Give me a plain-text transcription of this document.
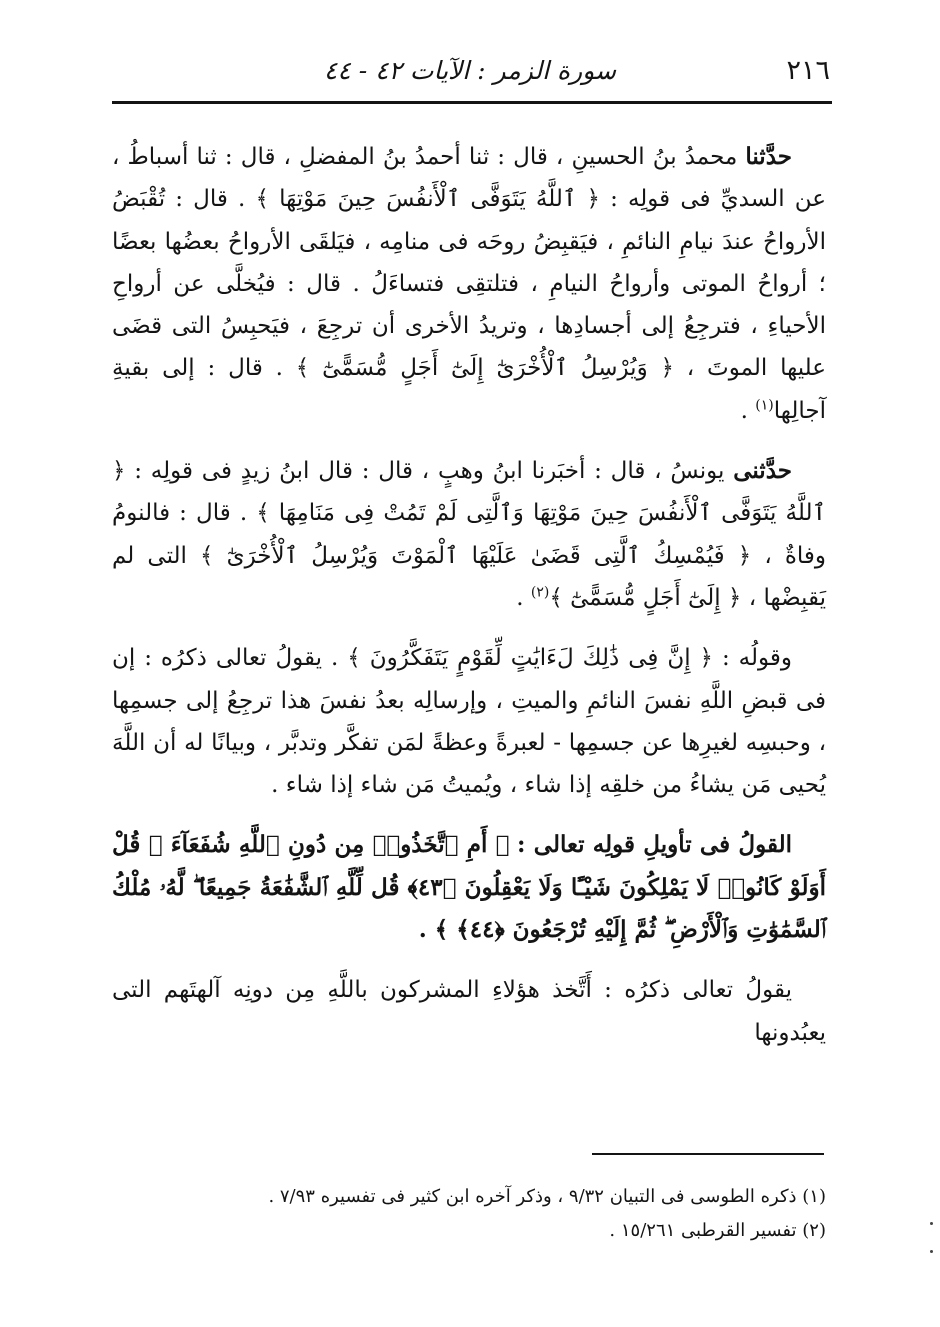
٢١٦
سورة الزمر : الآيات ٤٢ - ٤٤

حدَّثنا محمدُ بنُ الحسينِ ، قال : ثنا أحمدُ بنُ المفضلِ ، قال : ثنا أسباطُ ، عن السديِّ فى قولِه : ﴿ ٱللَّهُ يَتَوَفَّى ٱلْأَنفُسَ حِينَ مَوْتِهَا ﴾ . قال : تُقْبَضُ الأرواحُ عندَ نيامِ النائمِ ، فيَقبِضُ روحَه فى منامِه ، فيَلقَى الأرواحُ بعضُها بعضًا ؛ أرواحُ الموتى وأرواحُ النيامِ ، فتلتقِى فتساءَلُ . قال : فيُخلَّى عن أرواحِ الأحياءِ ، فترجِعُ إلى أجسادِها ، وتريدُ الأخرى أن ترجِعَ ، فيَحبِسُ التى قضَى عليها الموتَ ، ﴿ وَيُرْسِلُ ٱلْأُخْرَىٰٓ إِلَىٰٓ أَجَلٍ مُّسَمًّىٰٓ ﴾ . قال : إلى بقيةِ آجالِها$^{(١)}$ .

حدَّثنى يونسُ ، قال : أخبَرنا ابنُ وهبٍ ، قال : قال ابنُ زيدٍ فى قولِه : ﴿ ٱللَّهُ يَتَوَفَّى ٱلْأَنفُسَ حِينَ مَوْتِهَا وَٱلَّتِى لَمْ تَمُتْ فِى مَنَامِهَا ﴾ . قال : فالنومُ وفاةٌ ، ﴿ فَيُمْسِكُ ٱلَّتِى قَضَىٰ عَلَيْهَا ٱلْمَوْتَ وَيُرْسِلُ ٱلْأُخْرَىٰٓ ﴾ التى لم يَقبِضْها ، ﴿ إِلَىٰٓ أَجَلٍ مُّسَمًّىٰٓ ﴾$^{(٢)}$ .

وقولُه : ﴿ إِنَّ فِى ذَٰلِكَ لَءَايَٰتٍ لِّقَوْمٍ يَتَفَكَّرُونَ ﴾ . يقولُ تعالى ذكرُه : إن فى قبضِ اللَّهِ نفسَ النائمِ والميتِ ، وإرسالِه بعدُ نفسَ هذا ترجِعُ إلى جسمِها ، وحبسِه لغيرِها عن جسمِها - لعبرةً وعظةً لمَن تفكَّر وتدبَّر ، وبيانًا له أن اللَّهَ يُحيى مَن يشاءُ من خلقِه إذا شاء ، ويُميتُ مَن شاء إذا شاء .

القولُ فى تأويلِ قولِه تعالى : ﴿ أَمِ ٱتَّخَذُوا۟ مِن دُونِ ٱللَّهِ شُفَعَآءَ ۚ قُلْ أَوَلَوْ كَانُوا۟ لَا يَمْلِكُونَ شَيْـًٔا وَلَا يَعْقِلُونَ ﴿٤٣﴾ قُل لِّلَّهِ ٱلشَّفَٰعَةُ جَمِيعًا ۖ لَّهُۥ مُلْكُ ٱلسَّمَٰوَٰتِ وَٱلْأَرْضِ ۖ ثُمَّ إِلَيْهِ تُرْجَعُونَ ﴿٤٤﴾ ﴾ .

يقولُ تعالى ذكرُه : أَتَّخذ هؤلاءِ المشركون باللَّهِ مِن دونِه آلهتَهم التى يعبُدونها

(١) ذكره الطوسى فى التبيان ٩/٣٢ ، وذكر آخره ابن كثير فى تفسيره ٧/٩٣ .

(٢) تفسير القرطبى ١٥/٢٦١ .
